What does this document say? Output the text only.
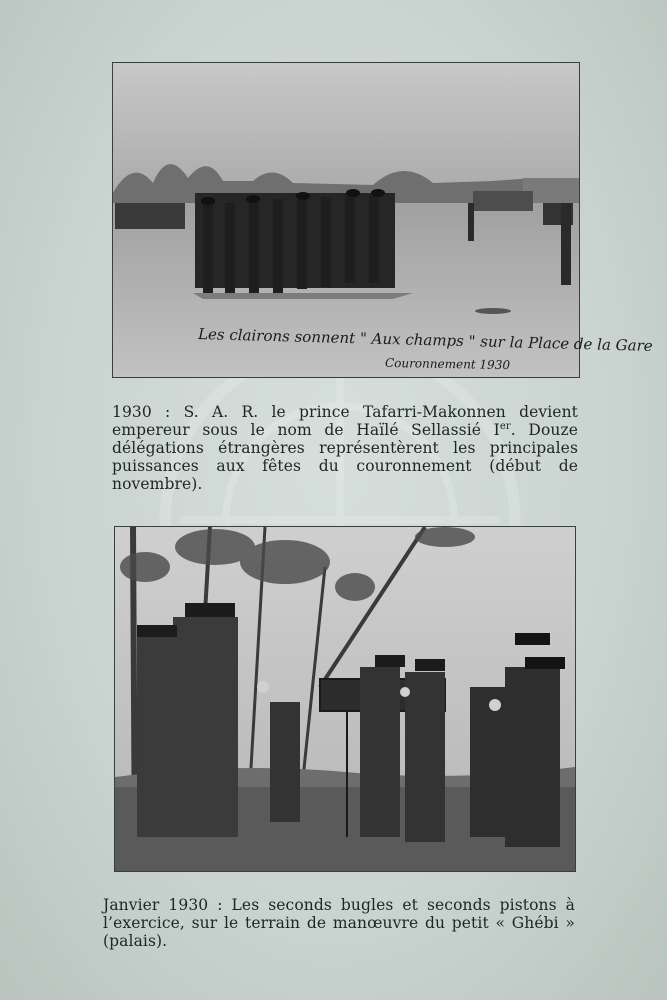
Les clairons sonnent " Aux champs " sur la Place de la Gare
Couronnement 1930

1930 : S. A. R. le prince Tafarri-Makonnen devient empereur sous le nom de Haïlé Sellassié Ier. Douze délégations étrangères représentèrent les principales puissances aux fêtes du couronnement (début de novembre).

Janvier 1930 : Les seconds bugles et seconds pistons à l’exercice, sur le terrain de manœuvre du petit « Ghébi » (palais).
